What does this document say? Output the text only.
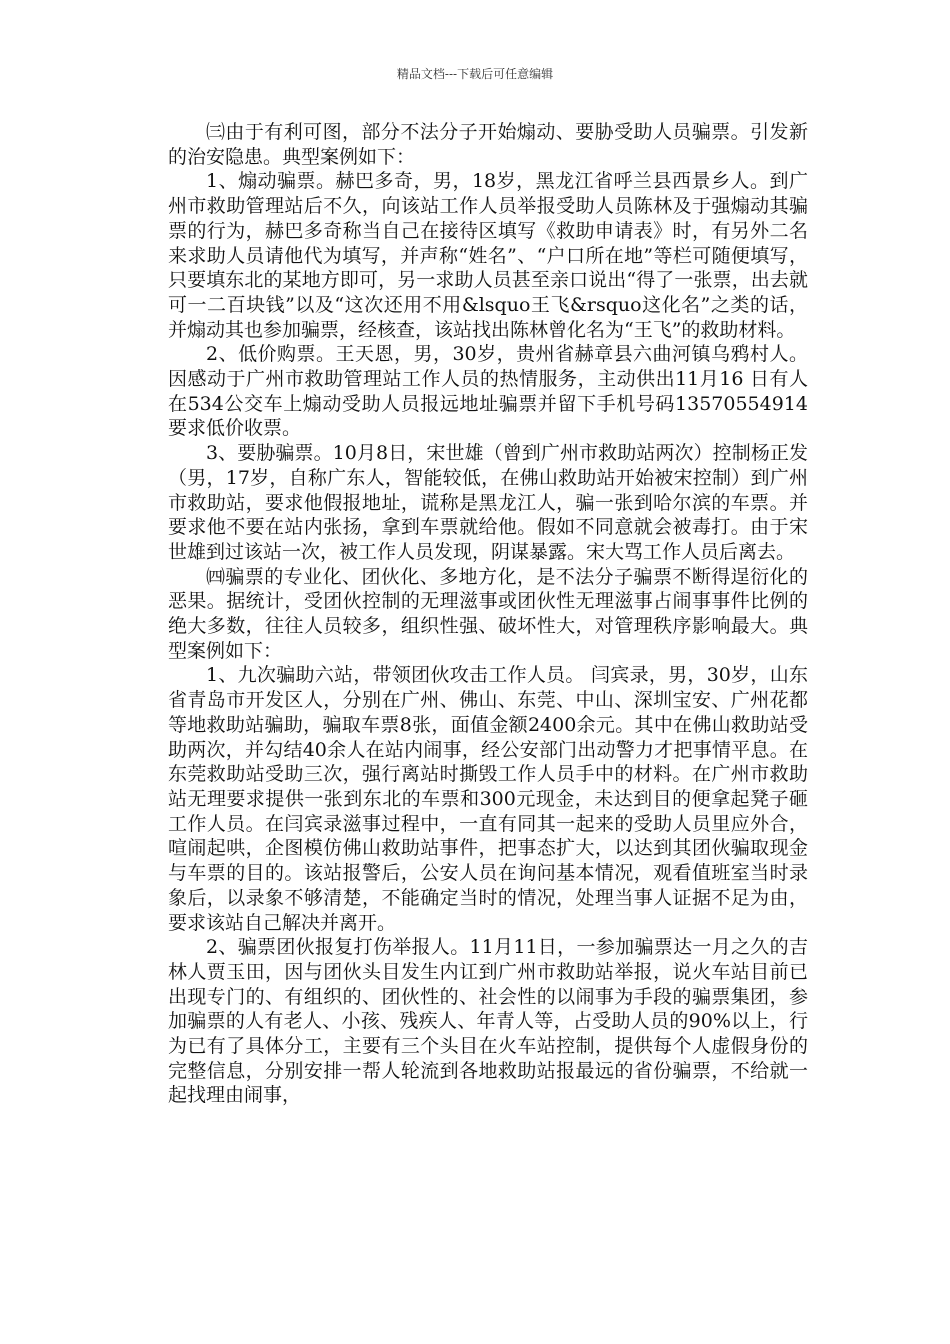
精品文档---下载后可任意编辑

㈢由于有利可图，部分不法分子开始煽动、要胁受助人员骗票。引发新的治安隐患。典型案例如下：

1、煽动骗票。赫巴多奇，男，18岁，黑龙江省呼兰县西景乡人。到广州市救助管理站后不久，向该站工作人员举报受助人员陈林及于强煽动其骗票的行为，赫巴多奇称当自己在接待区填写《救助申请表》时，有另外二名来求助人员请他代为填写，并声称“姓名”、“户口所在地”等栏可随便填写，只要填东北的某地方即可，另一求助人员甚至亲口说出“得了一张票，出去就可一二百块钱”以及“这次还用不用&lsquo王飞&rsquo这化名”之类的话，并煽动其也参加骗票，经核查，该站找出陈林曾化名为“王飞”的救助材料。

2、低价购票。王天恩，男，30岁，贵州省赫章县六曲河镇乌鸦村人。因感动于广州市救助管理站工作人员的热情服务，主动供出11月16 日有人在534公交车上煽动受助人员报远地址骗票并留下手机号码13570554914要求低价收票。

3、要胁骗票。10月8日，宋世雄（曾到广州市救助站两次）控制杨正发（男，17岁，自称广东人，智能较低，在佛山救助站开始被宋控制）到广州市救助站，要求他假报地址，谎称是黑龙江人，骗一张到哈尔滨的车票。并要求他不要在站内张扬，拿到车票就给他。假如不同意就会被毒打。由于宋世雄到过该站一次，被工作人员发现，阴谋暴露。宋大骂工作人员后离去。

㈣骗票的专业化、团伙化、多地方化，是不法分子骗票不断得逞衍化的恶果。据统计，受团伙控制的无理滋事或团伙性无理滋事占闹事事件比例的绝大多数，往往人员较多，组织性强、破坏性大，对管理秩序影响最大。典型案例如下：

1、九次骗助六站，带领团伙攻击工作人员。 闫宾录，男，30岁，山东省青岛市开发区人，分别在广州、佛山、东莞、中山、深圳宝安、广州花都等地救助站骗助，骗取车票8张，面值金额2400余元。其中在佛山救助站受助两次，并勾结40余人在站内闹事，经公安部门出动警力才把事情平息。在东莞救助站受助三次，强行离站时撕毁工作人员手中的材料。在广州市救助站无理要求提供一张到东北的车票和300元现金，未达到目的便拿起凳子砸工作人员。在闫宾录滋事过程中，一直有同其一起来的受助人员里应外合，喧闹起哄，企图模仿佛山救助站事件，把事态扩大，以达到其团伙骗取现金与车票的目的。该站报警后，公安人员在询问基本情况，观看值班室当时录象后，以录象不够清楚，不能确定当时的情况，处理当事人证据不足为由，要求该站自己解决并离开。

2、骗票团伙报复打伤举报人。11月11日，一参加骗票达一月之久的吉林人贾玉田，因与团伙头目发生内讧到广州市救助站举报，说火车站目前已出现专门的、有组织的、团伙性的、社会性的以闹事为手段的骗票集团，参加骗票的人有老人、小孩、残疾人、年青人等，占受助人员的90%以上，行为已有了具体分工，主要有三个头目在火车站控制，提供每个人虚假身份的完整信息，分别安排一帮人轮流到各地救助站报最远的省份骗票，不给就一起找理由闹事，
